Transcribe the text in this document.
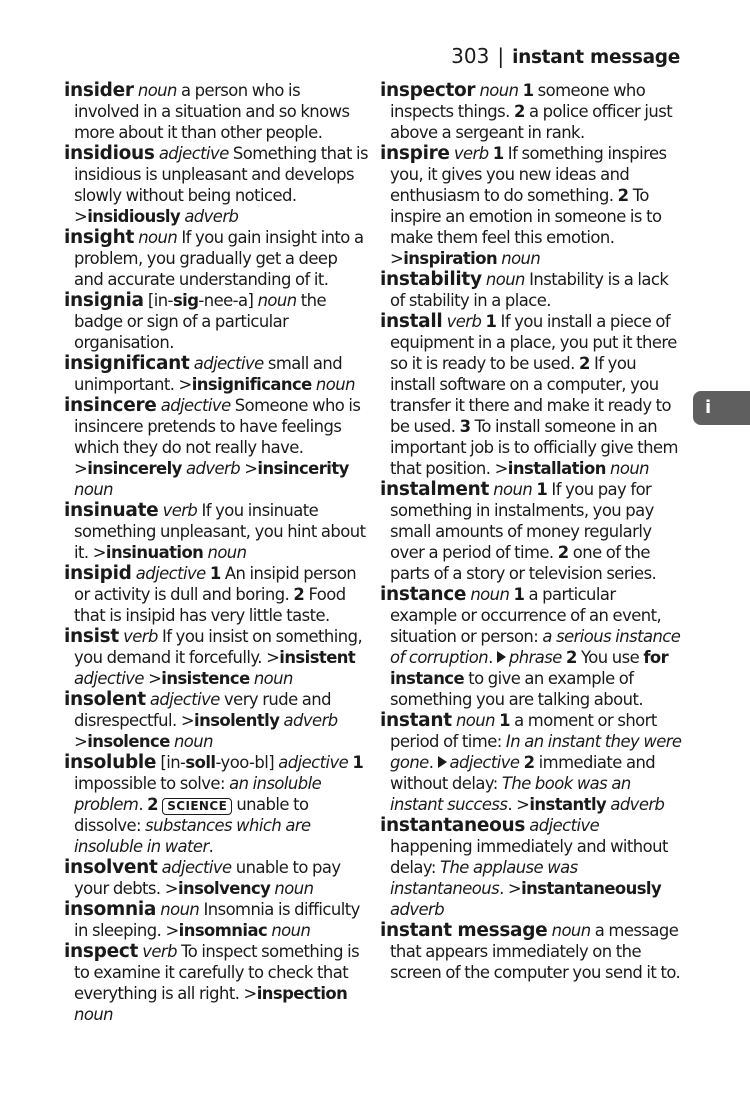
303 | instant message
insider noun a person who is involved in a situation and so knows more about it than other people.
insidious adjective Something that is insidious is unpleasant and develops slowly without being noticed. >insidiously adverb
insight noun If you gain insight into a problem, you gradually get a deep and accurate understanding of it.
insignia [in-sig-nee-a] noun the badge or sign of a particular organisation.
insignificant adjective small and unimportant. >insignificance noun
insincere adjective Someone who is insincere pretends to have feelings which they do not really have. >insincerely adverb >insincerity noun
insinuate verb If you insinuate something unpleasant, you hint about it. >insinuation noun
insipid adjective 1 An insipid person or activity is dull and boring. 2 Food that is insipid has very little taste.
insist verb If you insist on something, you demand it forcefully. >insistent adjective >insistence noun
insolent adjective very rude and disrespectful. >insolently adverb >insolence noun
insoluble [in-soll-yoo-bl] adjective 1 impossible to solve: an insoluble problem. 2 SCIENCE unable to dissolve: substances which are insoluble in water.
insolvent adjective unable to pay your debts. >insolvency noun
insomnia noun Insomnia is difficulty in sleeping. >insomniac noun
inspect verb To inspect something is to examine it carefully to check that everything is all right. >inspection noun
inspector noun 1 someone who inspects things. 2 a police officer just above a sergeant in rank.
inspire verb 1 If something inspires you, it gives you new ideas and enthusiasm to do something. 2 To inspire an emotion in someone is to make them feel this emotion. >inspiration noun
instability noun Instability is a lack of stability in a place.
install verb 1 If you install a piece of equipment in a place, you put it there so it is ready to be used. 2 If you install software on a computer, you transfer it there and make it ready to be used. 3 To install someone in an important job is to officially give them that position. >installation noun
instalment noun 1 If you pay for something in instalments, you pay small amounts of money regularly over a period of time. 2 one of the parts of a story or television series.
instance noun 1 a particular example or occurrence of an event, situation or person: a serious instance of corruption. phrase 2 You use for instance to give an example of something you are talking about.
instant noun 1 a moment or short period of time: In an instant they were gone. adjective 2 immediate and without delay: The book was an instant success. >instantly adverb
instantaneous adjective happening immediately and without delay: The applause was instantaneous. >instantaneously adverb
instant message noun a message that appears immediately on the screen of the computer you send it to.
i
